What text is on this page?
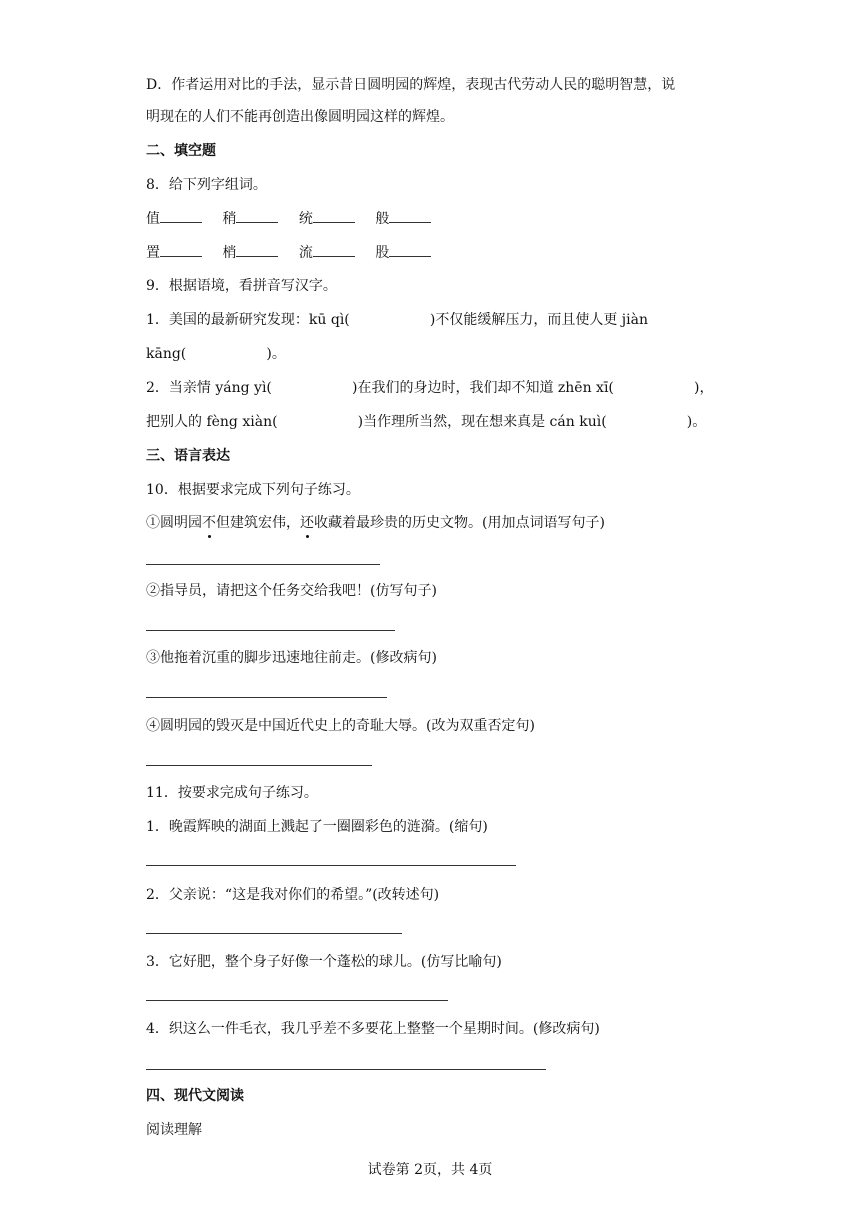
D．作者运用对比的手法，显示昔日圆明园的辉煌，表现古代劳动人民的聪明智慧，说
明现在的人们不能再创造出像圆明园这样的辉煌。
二、填空题
8．给下列字组词。
值	稍	统	般
置	梢	流	股
9．根据语境，看拼音写汉字。
1．美国的最新研究发现：kū qì(                  )不仅能缓解压力，而且使人更 jiàn
kāng(                  )。
2．当亲情 yáng yì(                  )在我们的身边时，我们却不知道 zhēn xī(                  )，
把别人的 fèng xiàn(                  )当作理所当然，现在想来真是 cán kuì(                  )。
三、语言表达
10．根据要求完成下列句子练习。
①圆明园不但建筑宏伟，还收藏着最珍贵的历史文物。(用加点词语写句子)
②指导员，请把这个任务交给我吧！(仿写句子)
③他拖着沉重的脚步迅速地往前走。(修改病句)
④圆明园的毁灭是中国近代史上的奇耻大辱。(改为双重否定句)
11．按要求完成句子练习。
1．晚霞辉映的湖面上溅起了一圈圈彩色的涟漪。(缩句)
2．父亲说：“这是我对你们的希望。”(改转述句)
3．它好肥，整个身子好像一个蓬松的球儿。(仿写比喻句)
4．织这么一件毛衣，我几乎差不多要花上整整一个星期时间。(修改病句)
四、现代文阅读
阅读理解
试卷第 2页，共 4页
